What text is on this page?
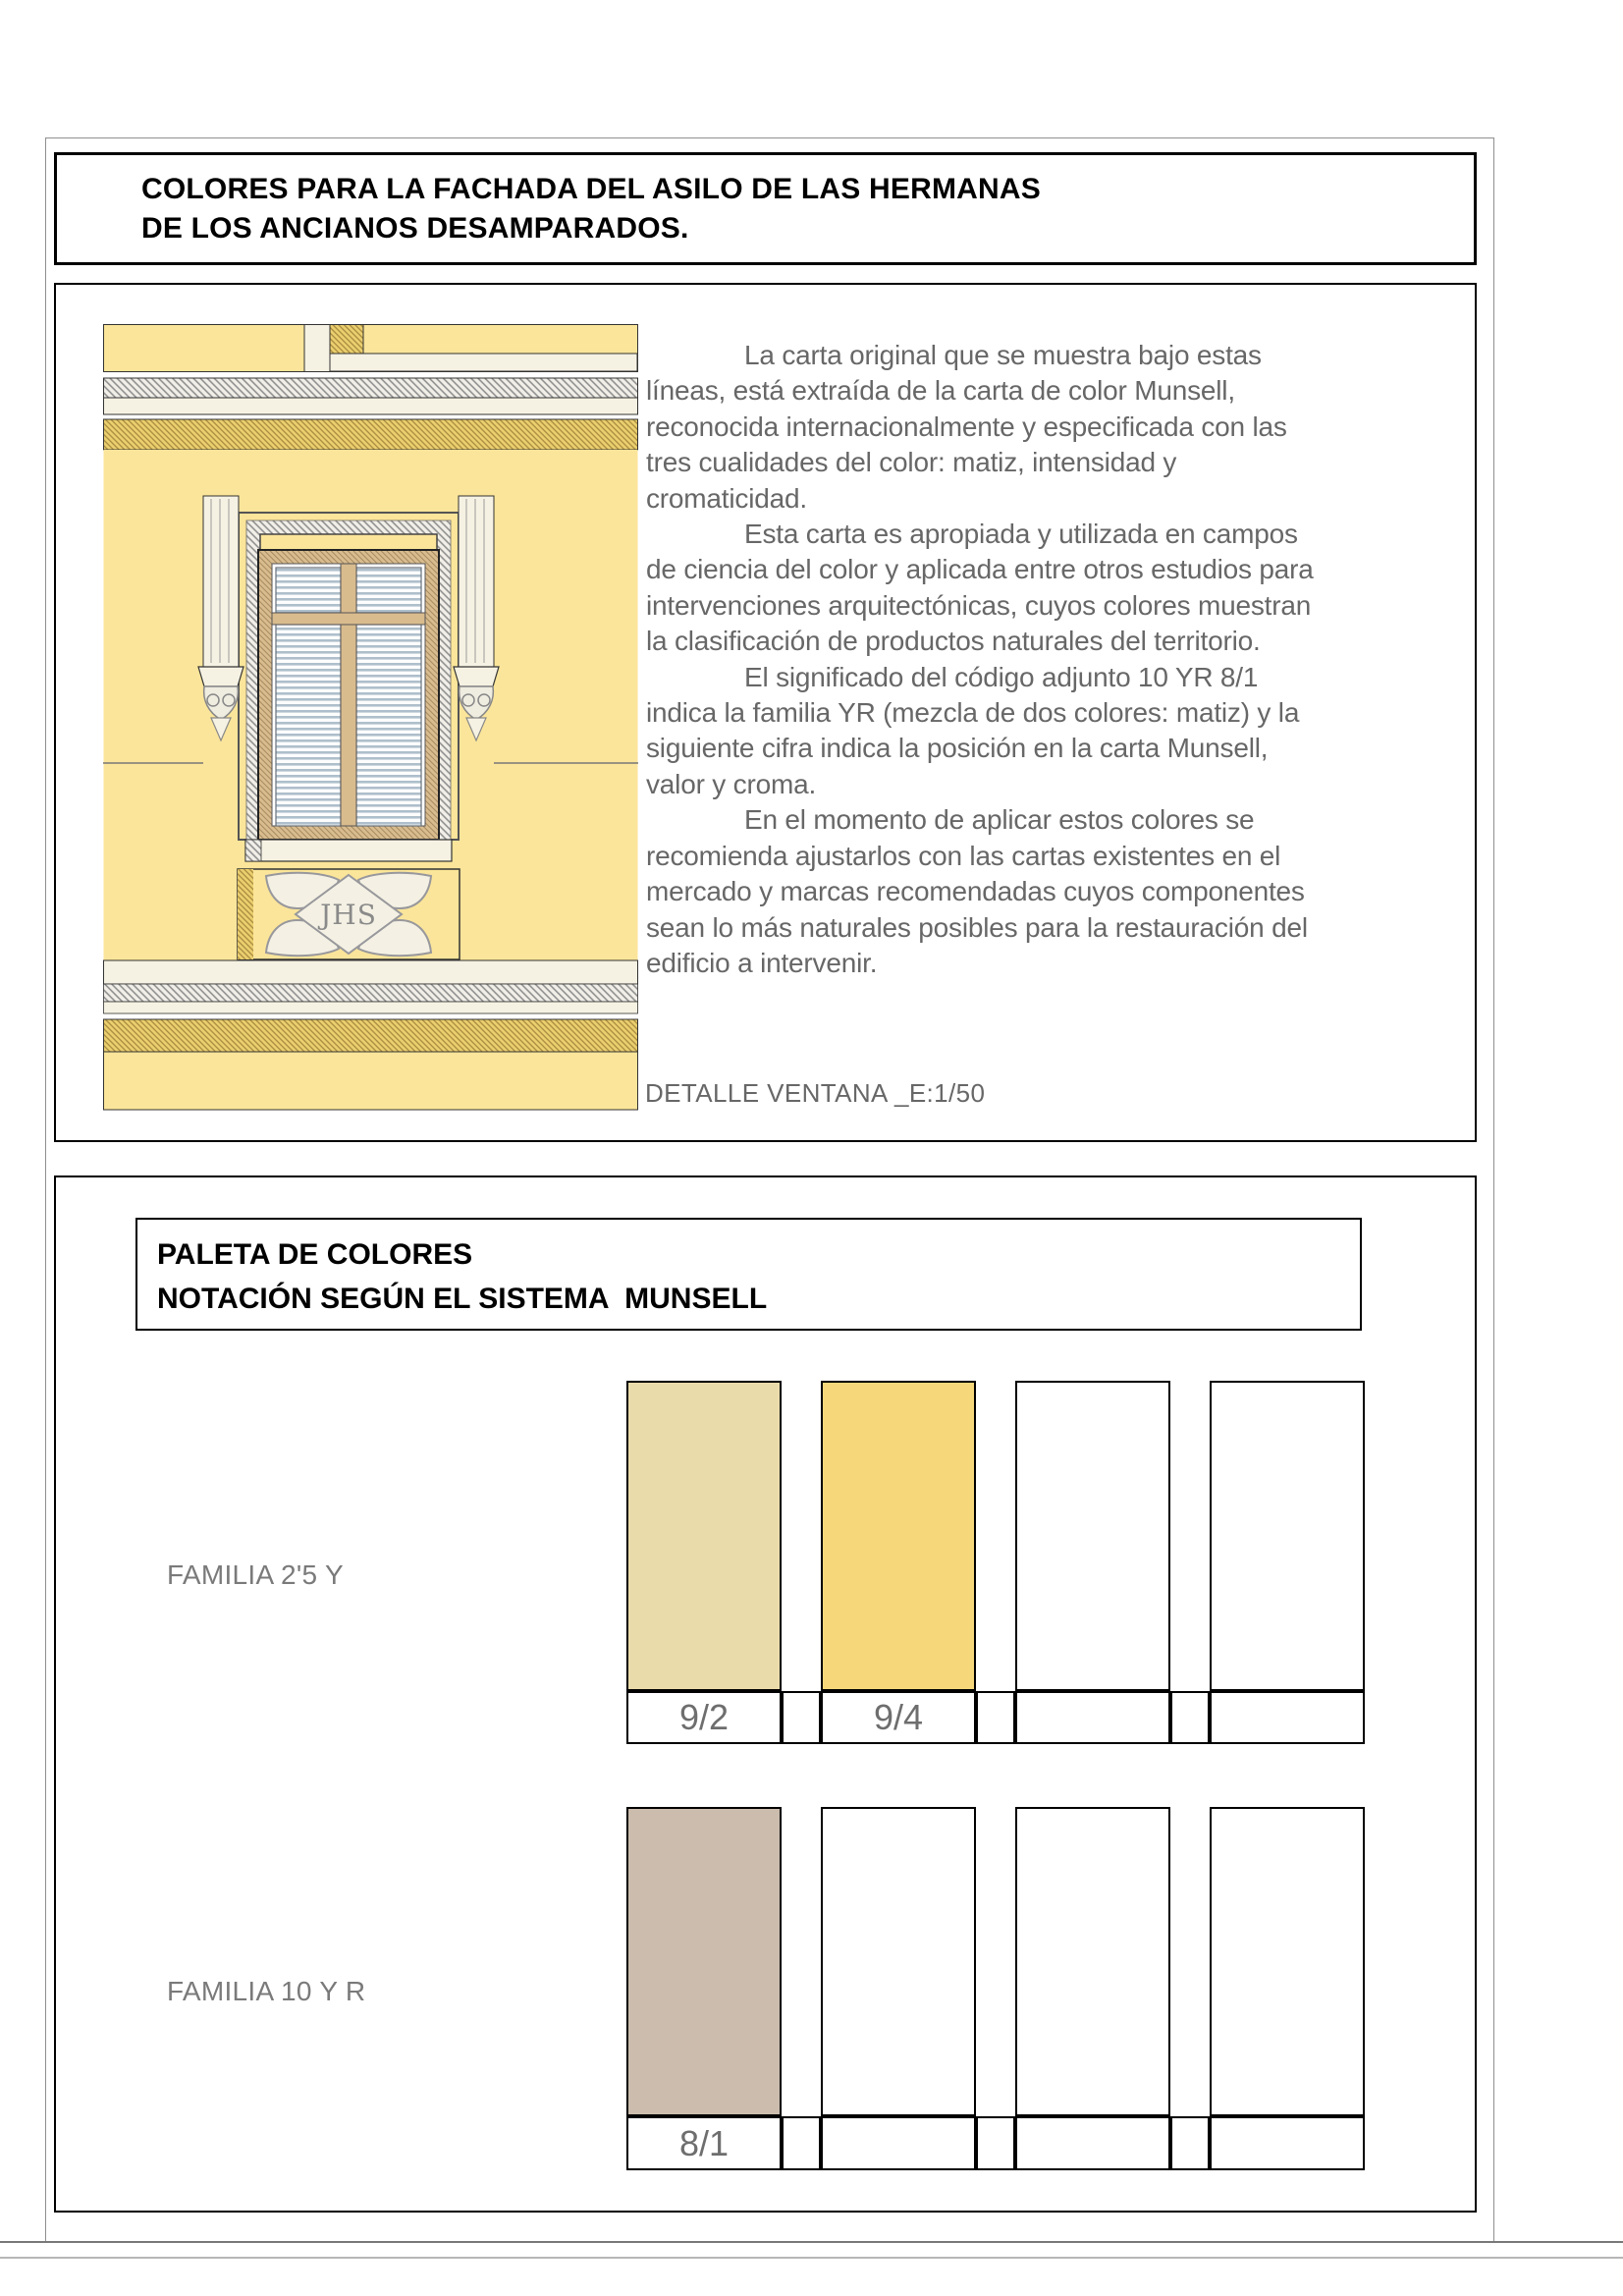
COLORES PARA LA FACHADA DEL ASILO DE LAS HERMANAS
DE LOS ANCIANOS DESAMPARADOS.
JHS

La carta original que se muestra bajo estas líneas, está extraída de la carta de color Munsell, reconocida internacionalmente y especificada con las tres cualidades del color: matiz, intensidad y cromaticidad.

Esta carta es apropiada y utilizada en campos de ciencia del color y aplicada entre otros estudios para intervenciones arquitectónicas, cuyos colores muestran la clasificación de productos naturales del territorio.

El significado del código adjunto 10 YR 8/1 indica la familia YR (mezcla de dos colores: matiz) y la siguiente cifra indica la posición en la carta Munsell, valor y croma.

En el momento de aplicar estos colores se recomienda ajustarlos con las cartas existentes en el mercado y marcas recomendadas cuyos componentes sean lo más naturales posibles para la restauración del edificio a intervenir.

DETALLE VENTANA _E:1/50
PALETA DE COLORES
NOTACIÓN SEGÚN EL SISTEMA  MUNSELL
FAMILIA 2'5 Y
FAMILIA 10 Y R
9/2	9/4
8/1
